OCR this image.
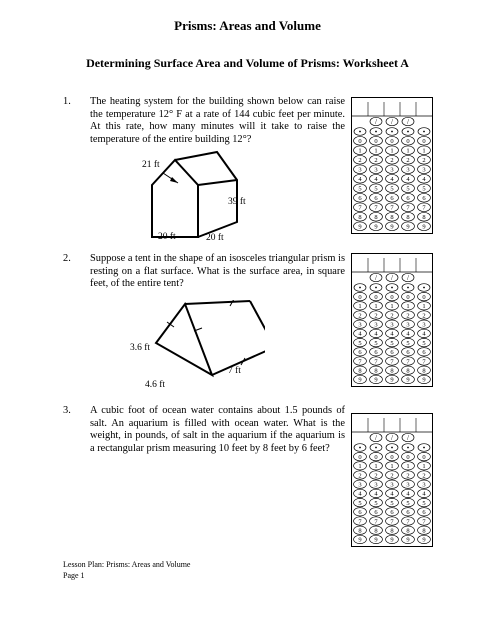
Prisms: Areas and Volume
Determining Surface Area and Volume of Prisms: Worksheet A
1. The heating system for the building shown below can raise the temperature 12° F at a rate of 144 cubic feet per minute. At this rate, how many minutes will it take to raise the temperature of the entire building 12°?
21 ft
39 ft
20 ft	20 ft
/ / /
0 0 0 0 0
1 1 1 1 1
2 2 2 2 2
3 3 3 3 3
4 4 4 4 4
5 5 5 5 5
6 6 6 6 6
7 7 7 7 7
8 8 8 8 8
9 9 9 9 9
2. Suppose a tent in the shape of an isosceles triangular prism is resting on a flat surface. What is the surface area, in square feet, of the entire tent?
3.6 ft
4.6 ft
7 ft
/ / /
0 0 0 0 0
1 1 1 1 1
2 2 2 2 2
3 3 3 3 3
4 4 4 4 4
5 5 5 5 5
6 6 6 6 6
7 7 7 7 7
8 8 8 8 8
9 9 9 9 9
3. A cubic foot of ocean water contains about 1.5 pounds of salt. An aquarium is filled with ocean water. What is the weight, in pounds, of salt in the aquarium if the aquarium is a rectangular prism measuring 10 feet by 8 feet by 6 feet?
/ / /
0 0 0 0 0
1 1 1 1 1
2 2 2 2 2
3 3 3 3 3
4 4 4 4 4
5 5 5 5 5
6 6 6 6 6
7 7 7 7 7
8 8 8 8 8
9 9 9 9 9
Lesson Plan: Prisms: Areas and Volume
Page 1
